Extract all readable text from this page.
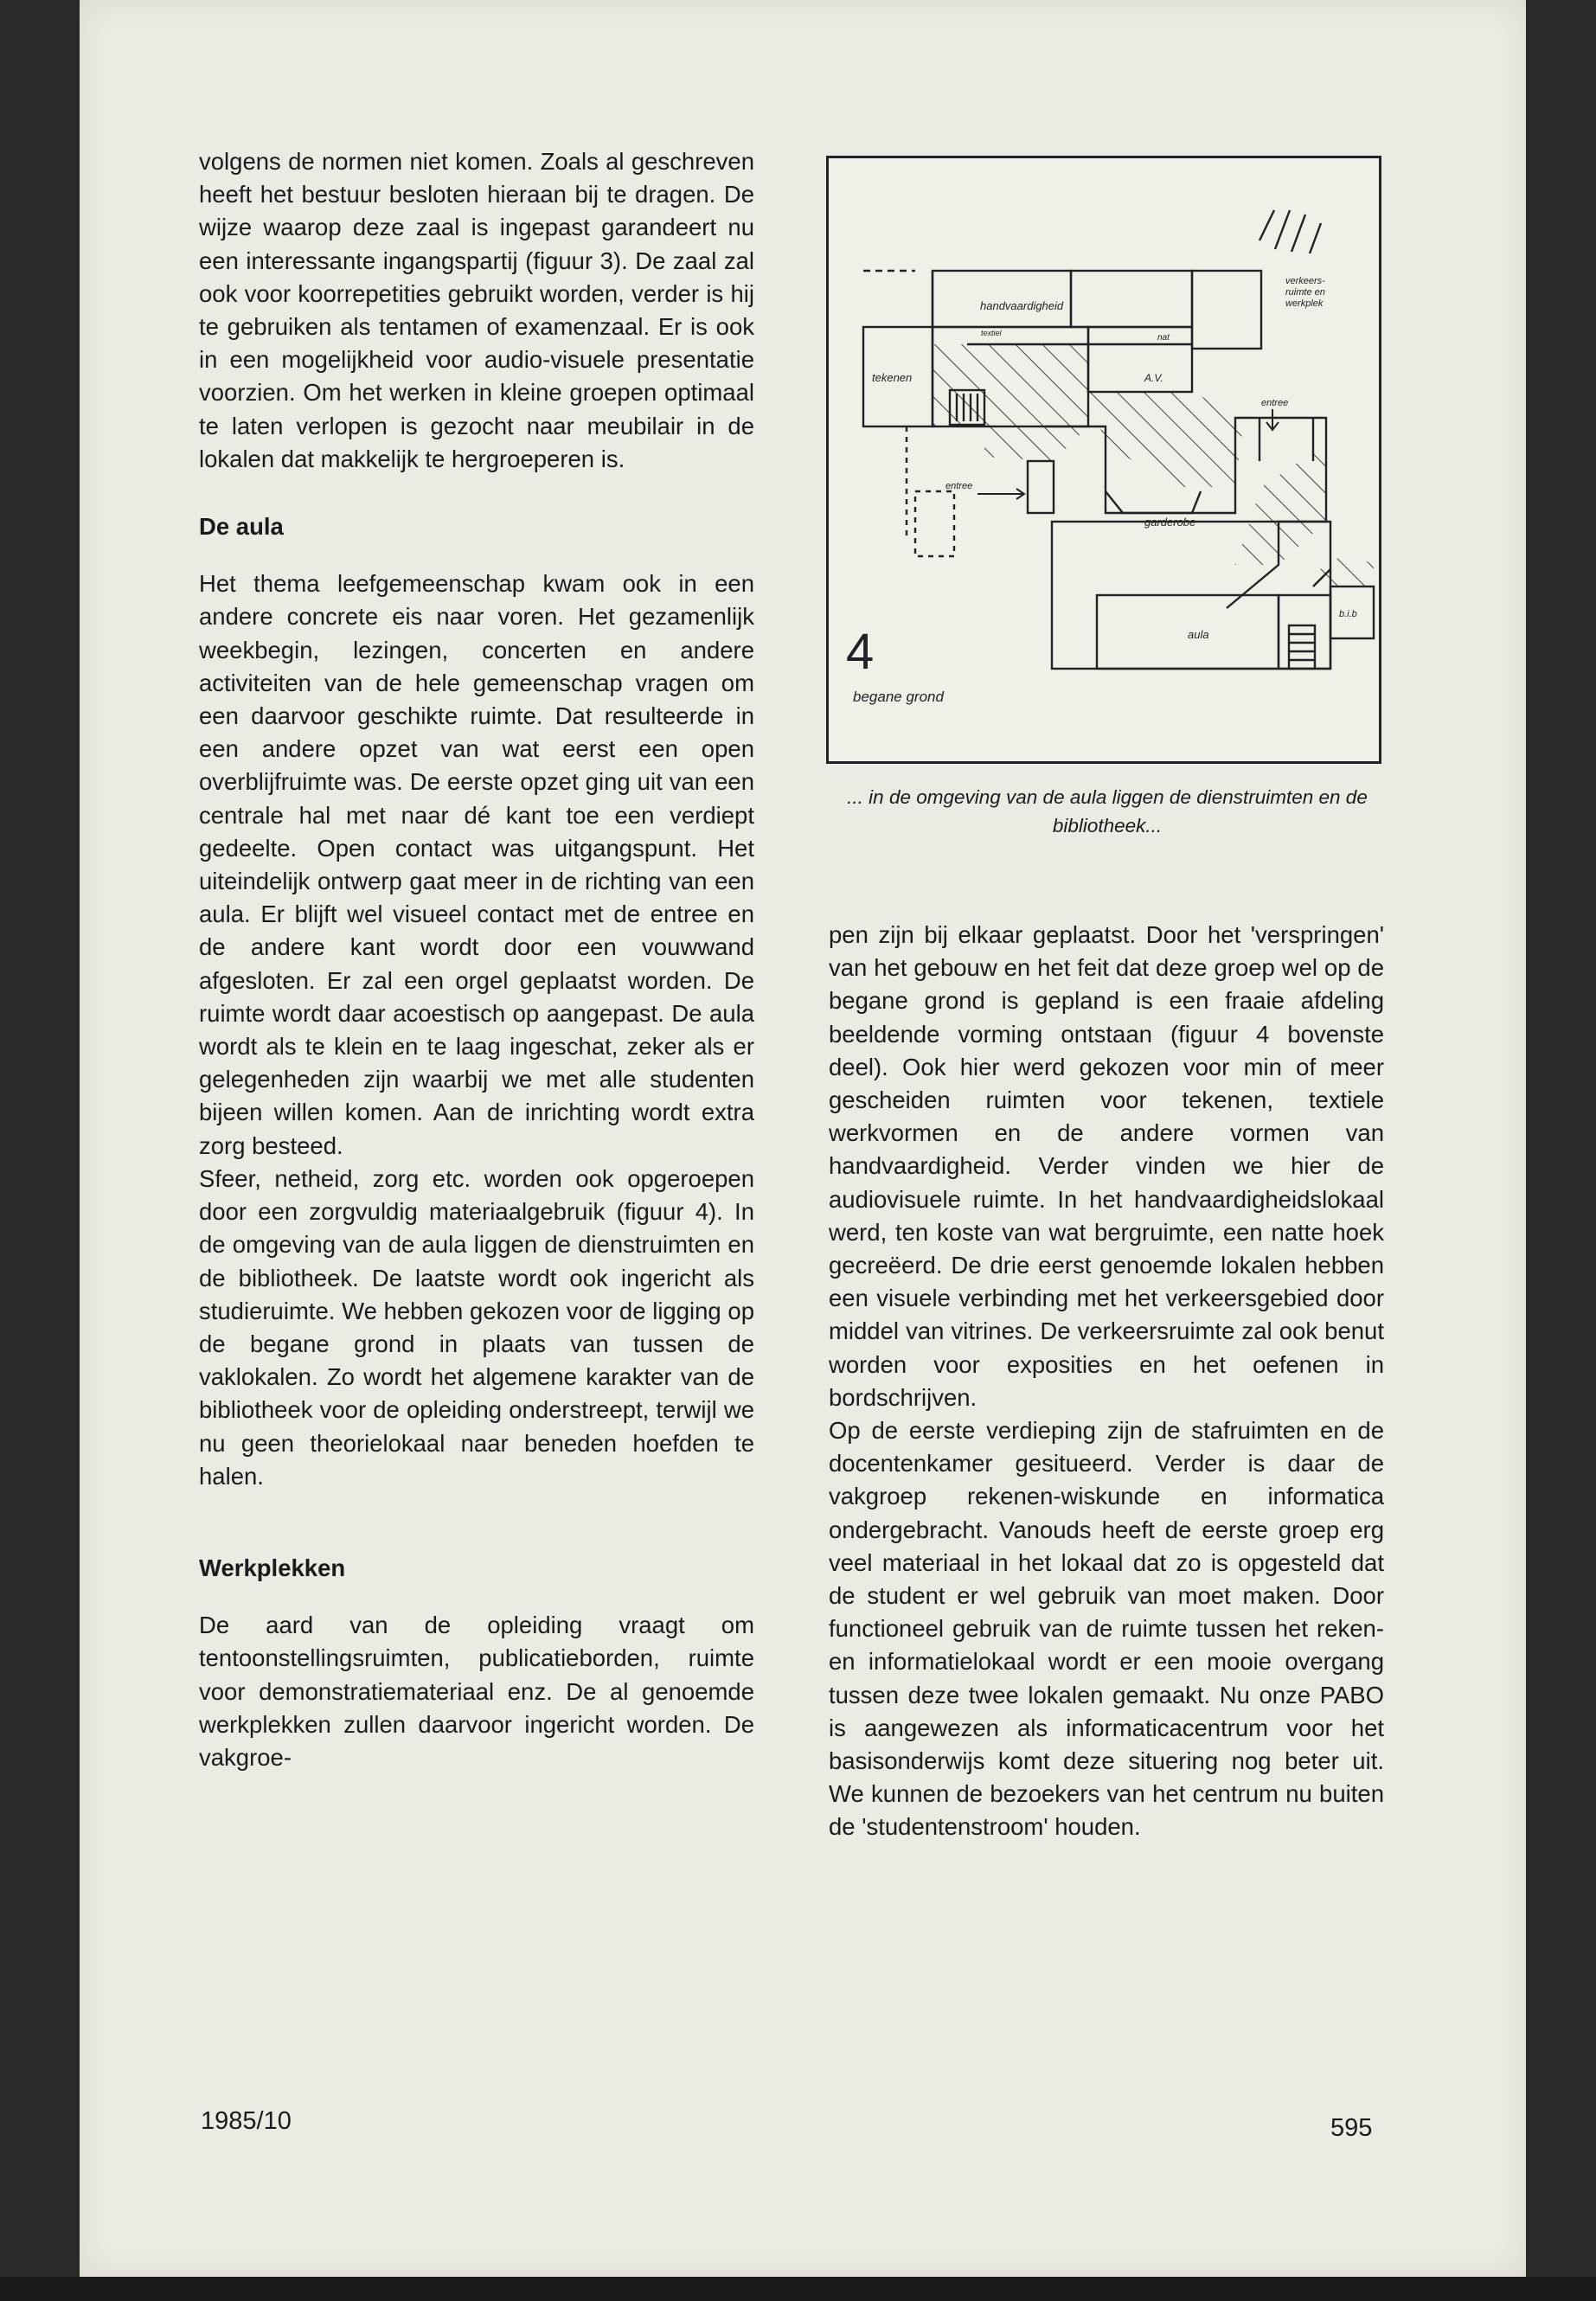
volgens de normen niet komen. Zoals al geschreven heeft het bestuur besloten hieraan bij te dragen. De wijze waarop deze zaal is ingepast garandeert nu een interessante ingangspartij (figuur 3). De zaal zal ook voor koorrepetities gebruikt worden, verder is hij te gebruiken als tentamen of examenzaal. Er is ook in een mogelijkheid voor audio-visuele presentatie voorzien. Om het werken in kleine groepen optimaal te laten verlopen is gezocht naar meubilair in de lokalen dat makkelijk te hergroeperen is.

De aula

Het thema leefgemeenschap kwam ook in een andere concrete eis naar voren. Het gezamenlijk weekbegin, lezingen, concerten en andere activiteiten van de hele gemeenschap vragen om een daarvoor geschikte ruimte. Dat resulteerde in een andere opzet van wat eerst een open overblijfruimte was. De eerste opzet ging uit van een centrale hal met naar dé kant toe een verdiept gedeelte. Open contact was uitgangspunt. Het uiteindelijk ontwerp gaat meer in de richting van een aula. Er blijft wel visueel contact met de entree en de andere kant wordt door een vouwwand afgesloten. Er zal een orgel geplaatst worden. De ruimte wordt daar acoestisch op aangepast. De aula wordt als te klein en te laag ingeschat, zeker als er gelegenheden zijn waarbij we met alle studenten bijeen willen komen. Aan de inrichting wordt extra zorg besteed.

Sfeer, netheid, zorg etc. worden ook opgeroepen door een zorgvuldig materiaalgebruik (figuur 4). In de omgeving van de aula liggen de dienstruimten en de bibliotheek. De laatste wordt ook ingericht als studieruimte. We hebben gekozen voor de ligging op de begane grond in plaats van tussen de vaklokalen. Zo wordt het algemene karakter van de bibliotheek voor de opleiding onderstreept, terwijl we nu geen theorielokaal naar beneden hoefden te halen.

Werkplekken

De aard van de opleiding vraagt om tentoonstellingsruimten, publicatieborden, ruimte voor demonstratiemateriaal enz. De al genoemde werkplekken zullen daarvoor ingericht worden. De vakgroe-

handvaardigheid
textiel
tekenen	A.V.
nat
entree
entree
garderobe
aula
verkeers-
ruimte en
werkplek
b.i.b
begane grond
4
... in de omgeving van de aula liggen de dienstruimten en de bibliotheek...

pen zijn bij elkaar geplaatst. Door het 'verspringen' van het gebouw en het feit dat deze groep wel op de begane grond is gepland is een fraaie afdeling beeldende vorming ontstaan (figuur 4 bovenste deel). Ook hier werd gekozen voor min of meer gescheiden ruimten voor tekenen, textiele werkvormen en de andere vormen van handvaardigheid. Verder vinden we hier de audiovisuele ruimte. In het handvaardigheidslokaal werd, ten koste van wat bergruimte, een natte hoek gecreëerd. De drie eerst genoemde lokalen hebben een visuele verbinding met het verkeersgebied door middel van vitrines. De verkeersruimte zal ook benut worden voor exposities en het oefenen in bordschrijven.

Op de eerste verdieping zijn de stafruimten en de docentenkamer gesitueerd. Verder is daar de vakgroep rekenen-wiskunde en informatica ondergebracht. Vanouds heeft de eerste groep erg veel materiaal in het lokaal dat zo is opgesteld dat de student er wel gebruik van moet maken. Door functioneel gebruik van de ruimte tussen het reken- en informatielokaal wordt er een mooie overgang tussen deze twee lokalen gemaakt. Nu onze PABO is aangewezen als informaticacentrum voor het basisonderwijs komt deze situering nog beter uit. We kunnen de bezoekers van het centrum nu buiten de 'studentenstroom' houden.

1985/10	595
